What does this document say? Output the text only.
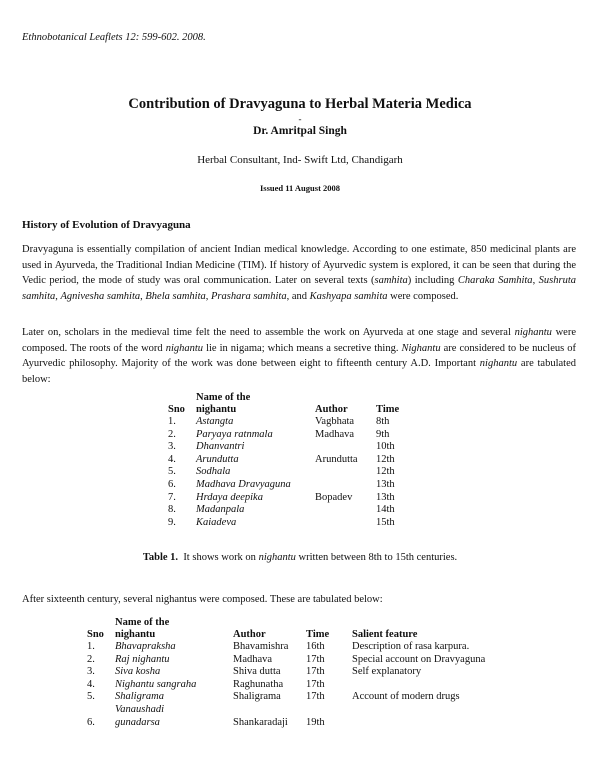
Ethnobotanical Leaflets 12: 599-602. 2008.
Contribution of Dravyaguna to Herbal Materia Medica
-
Dr. Amritpal Singh
Herbal Consultant, Ind- Swift Ltd, Chandigarh
Issued 11 August 2008
History of Evolution of Dravyaguna

Dravyaguna is essentially compilation of ancient Indian medical knowledge. According to one estimate, 850 medicinal plants are used in Ayurveda, the Traditional Indian Medicine (TIM). If history of Ayurvedic system is explored, it can be seen that during the Vedic period, the mode of study was oral communication. Later on several texts (samhita) including Charaka Samhita, Sushruta samhita, Agnivesha samhita, Bhela samhita, Prashara samhita, and Kashyapa samhita were composed.

Later on, scholars in the medieval time felt the need to assemble the work on Ayurveda at one stage and several nighantu were composed. The roots of the word nighantu lie in nigama; which means a secretive thing. Nighantu are considered to be nucleus of Ayurvedic philosophy. Majority of the work was done between eight to fifteenth century A.D. Important nighantu are tabulated below:

Sno	Name of the
nighantu	Author	Time
1.	Astangta	Vagbhata	8th
2.	Paryaya ratnmala	Madhava	9th
3.	Dhanvantri		10th
4.	Arundutta	Arundutta	12th
5.	Sodhala		12th
6.	Madhava Dravyaguna		13th
7.	Hrdaya deepika	Bopadev	13th
8.	Madanpala		14th
9.	Kaiadeva		15th
Table 1.  It shows work on nighantu written between 8th to 15th centuries.

After sixteenth century, several nighantus were composed. These are tabulated below:

Sno	Name of the
nighantu	Author	Time	Salient feature
1.	Bhavapraksha	Bhavamishra	16th	Description of rasa karpura.
2.	Raj nighantu	Madhava	17th	Special account on Dravyaguna
3.	Siva kosha	Shiva dutta	17th	Self explanatory
4.	Nighantu sangraha	Raghunatha	17th	
5.	Shaligrama	Shaligrama	17th	Account of modern drugs
	Vanaushadi			
6.	gunadarsa	Shankaradaji	19th	
